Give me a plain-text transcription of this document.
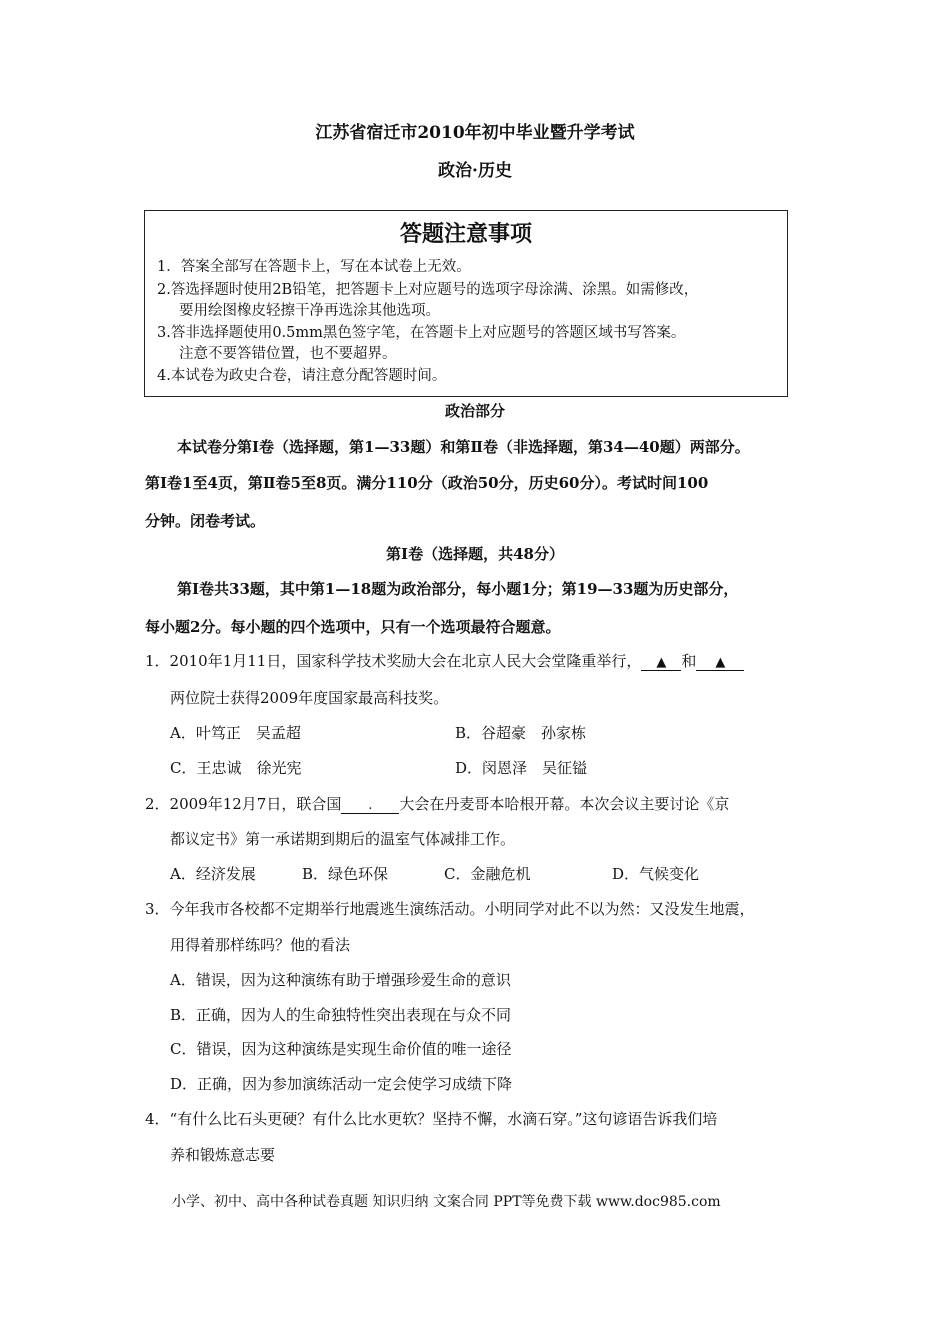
江苏省宿迁市2010年初中毕业暨升学考试
政治·历史
答题注意事项
1．答案全部写在答题卡上，写在本试卷上无效。
2.答选择题时使用2B铅笔，把答题卡上对应题号的选项字母涂满、涂黑。如需修改，
要用绘图橡皮轻擦干净再选涂其他选项。
3.答非选择题使用0.5mm黑色签字笔，在答题卡上对应题号的答题区域书写答案。
注意不要答错位置，也不要超界。
4.本试卷为政史合卷，请注意分配答题时间。
政治部分
本试卷分第Ⅰ卷（选择题，第1—33题）和第Ⅱ卷（非选择题，第34—40题）两部分。
第Ⅰ卷1至4页，第Ⅱ卷5至8页。满分110分（政治50分，历史60分）。考试时间100
分钟。闭卷考试。
第Ⅰ卷（选择题，共48分）
第Ⅰ卷共33题，其中第1—18题为政治部分，每小题1分；第19—33题为历史部分，
每小题2分。每小题的四个选项中，只有一个选项最符合题意。
1．2010年1月11日，国家科学技术奖励大会在北京人民大会堂隆重举行， ▲ 和 ▲
两位院士获得2009年度国家最高科技奖。
A．叶笃正　吴孟超	B．谷超豪　孙家栋
C．王忠诚　徐光宪	D．闵恩泽　吴征镒
2．2009年12月7日，联合国 . 大会在丹麦哥本哈根开幕。本次会议主要讨论《京
都议定书》第一承诺期到期后的温室气体减排工作。
A．经济发展	B．绿色环保	C．金融危机	D．气候变化
3．今年我市各校都不定期举行地震逃生演练活动。小明同学对此不以为然：又没发生地震，
用得着那样练吗？他的看法
A．错误，因为这种演练有助于增强珍爱生命的意识
B．正确，因为人的生命独特性突出表现在与众不同
C．错误，因为这种演练是实现生命价值的唯一途径
D．正确，因为参加演练活动一定会使学习成绩下降
4．“有什么比石头更硬？有什么比水更软？坚持不懈，水滴石穿。”这句谚语告诉我们培
养和锻炼意志要
小学、初中、高中各种试卷真题 知识归纳 文案合同 PPT等免费下载 www.doc985.com
